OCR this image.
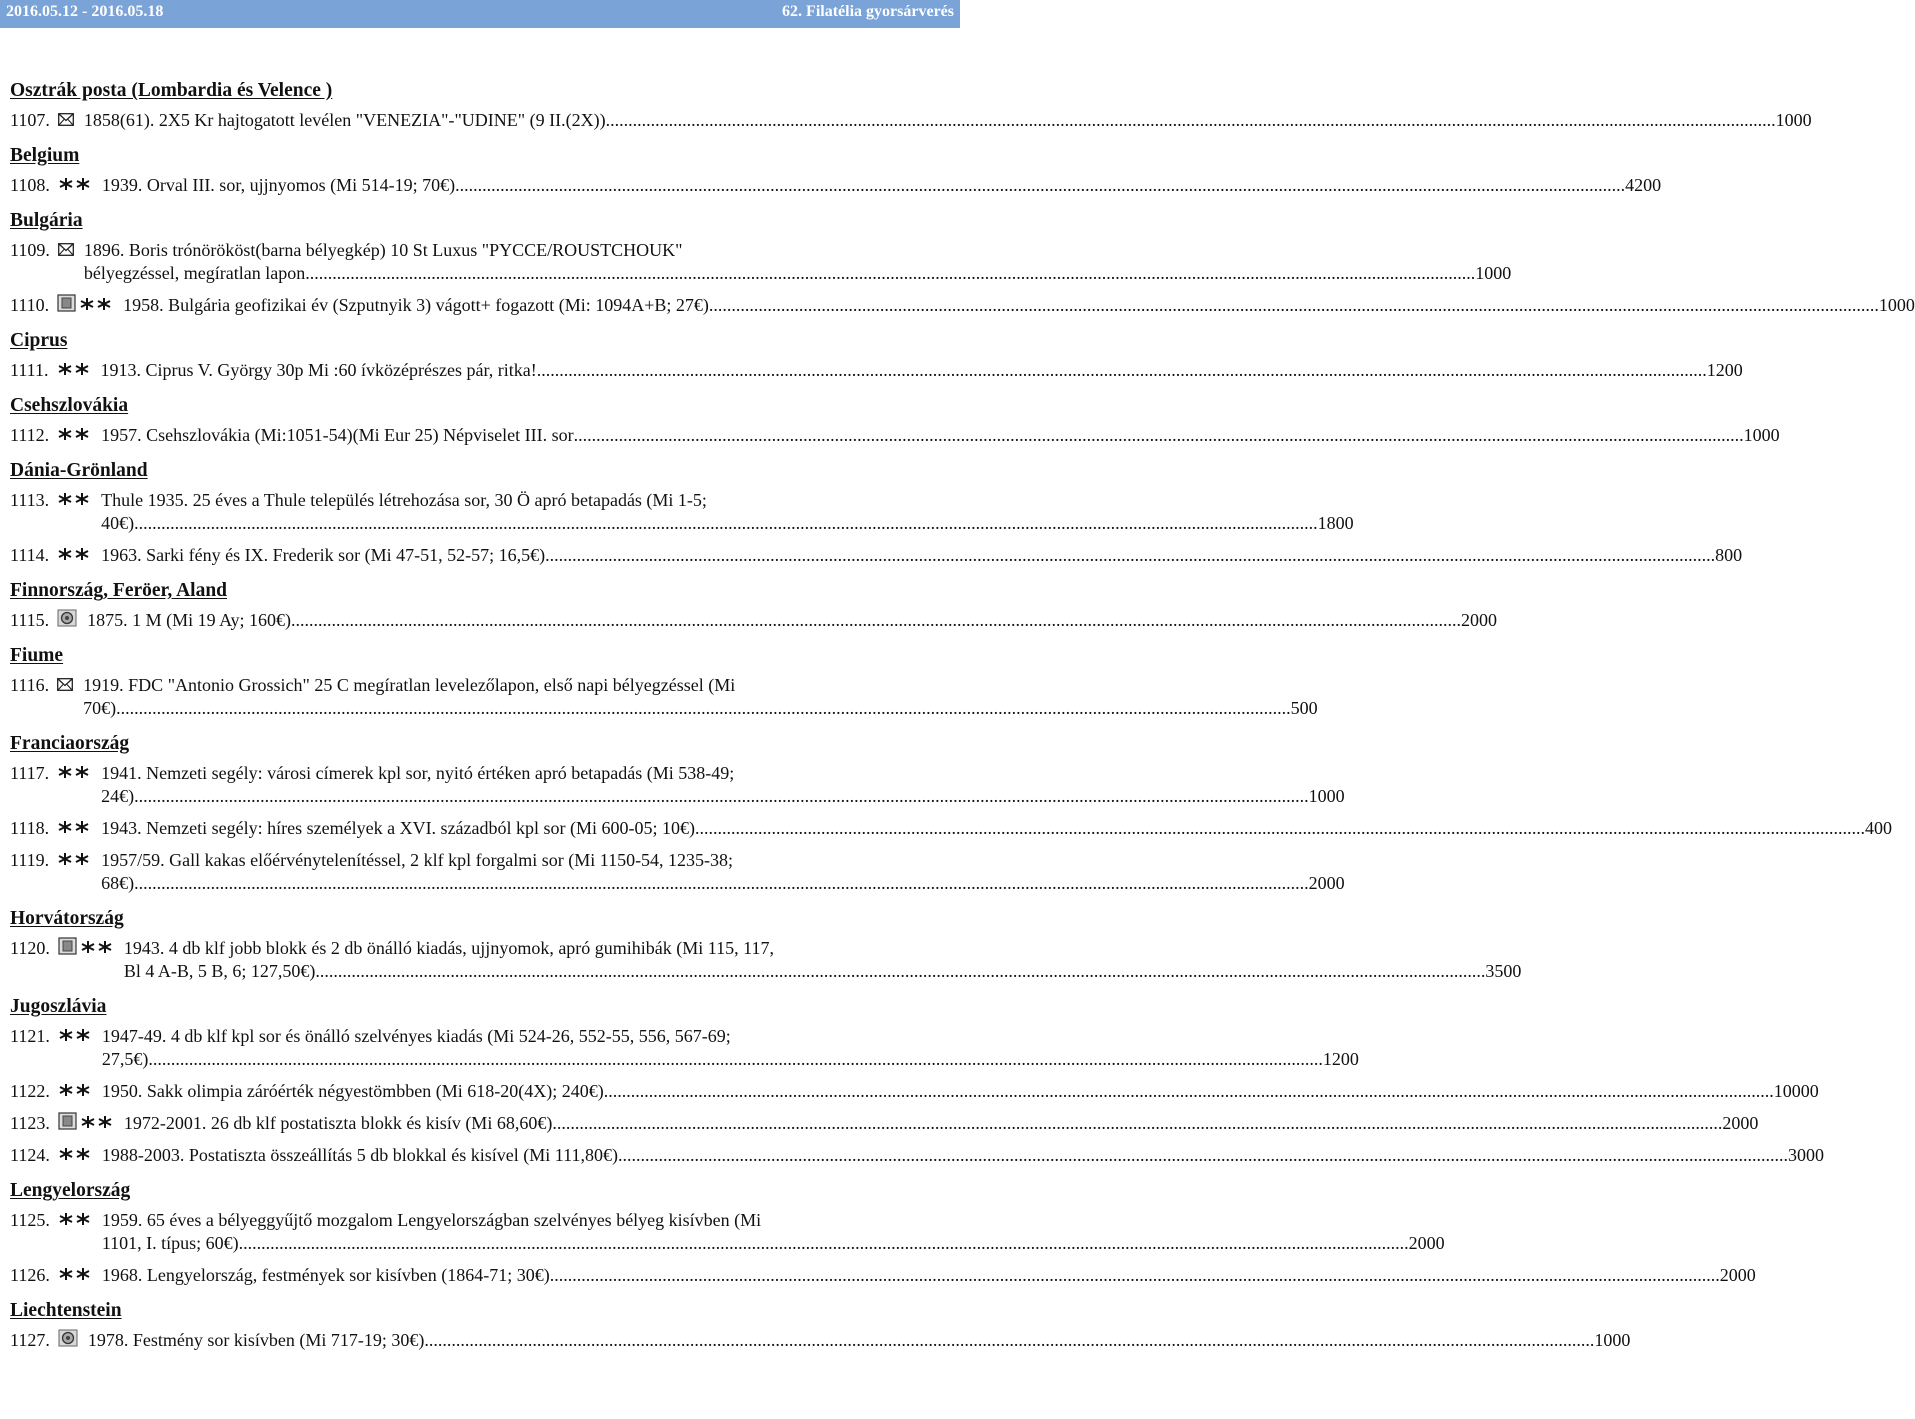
2016.05.12 - 2016.05.18	62. Filatélia gyorsárverés
Osztrák posta (Lombardia és Velence )
1107. 1858(61). 2X5 Kr hajtogatott levélen "VENEZIA"-"UDINE" (9 II.(2X)) .....	1000
Belgium
1108.	1939. Orval III. sor, ujjnyomos (Mi 514-19; 70€) .....	4200
Bulgária
1109. 1896. Boris trónörököst(barna bélyegkép) 10 St Luxus "PYCCE/ROUSTCHOUK"
bélyegzéssel, megíratlan lapon .....	1000
1110.	1958. Bulgária geofizikai év (Szputnyik 3) vágott+ fogazott (Mi: 1094A+B; 27€) .....	1000
Ciprus
1111.	1913. Ciprus V. György 30p Mi :60 ívközéprészes pár, ritka! .....	1200
Csehszlovákia
1112.	1957. Csehszlovákia (Mi:1051-54)(Mi Eur 25) Népviselet III. sor .....	1000
Dánia-Grönland
1113.	Thule 1935. 25 éves a Thule település létrehozása sor, 30 Ö apró betapadás (Mi 1-5;
40€)... .....	1800
1114.	1963. Sarki fény és IX. Frederik sor (Mi 47-51, 52-57; 16,5€) .....	800
Finnország, Feröer, Aland
1115. 1875. 1 M (Mi 19 Ay; 160€) .....	2000
Fiume
1116. 1919. FDC "Antonio Grossich" 25 C megíratlan levelezőlapon, első napi bélyegzéssel (Mi
70€). .....	500
Franciaország
1117.	1941. Nemzeti segély: városi címerek kpl sor, nyitó értéken apró betapadás (Mi 538-49;
24€). .....	1000
1118.	1943. Nemzeti segély: híres személyek a XVI. századból kpl sor (Mi 600-05; 10€) .....	400
1119.	1957/59. Gall kakas előérvénytelenítéssel, 2 klf kpl forgalmi sor (Mi 1150-54, 1235-38;
68€). .....	2000
Horvátország
1120.	1943. 4 db klf jobb blokk és 2 db önálló kiadás, ujjnyomok, apró gumihibák (Mi 115, 117,
Bl 4 A-B, 5 B, 6; 127,50€) .....	3500
Jugoszlávia
1121.	1947-49. 4 db klf kpl sor és önálló szelvényes kiadás (Mi 524-26, 552-55, 556, 567-69;
27,5€). .....	1200
1122.	1950. Sakk olimpia záróérték négyestömbben (Mi 618-20(4X); 240€) .....	10000
1123.	1972-2001. 26 db klf postatiszta blokk és kisív (Mi 68,60€) .....	2000
1124.	1988-2003. Postatiszta összeállítás 5 db blokkal és kisível (Mi 111,80€) .....	3000
Lengyelország
1125.	1959. 65 éves a bélyeggyűjtő mozgalom Lengyelországban szelvényes bélyeg kisívben (Mi
1101, I. típus; 60€) .....	2000
1126.	1968. Lengyelország, festmények sor kisívben (1864-71; 30€) .....	2000
Liechtenstein
1127. 1978. Festmény sor kisívben (Mi 717-19; 30€) .....	1000
